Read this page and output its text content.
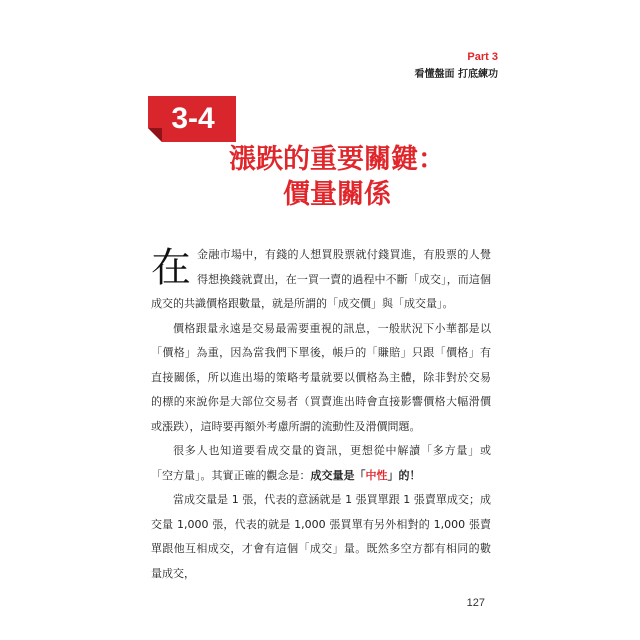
Part 3
看懂盤面 打底練功
3-4
漲跌的重要關鍵：
價量關係

在金融市場中，有錢的人想買股票就付錢買進，有股票的人覺得想換錢就賣出，在一買一賣的過程中不斷「成交」，而這個成交的共識價格跟數量，就是所謂的「成交價」與「成交量」。

價格跟量永遠是交易最需要重視的訊息，一般狀況下小華都是以「價格」為重，因為當我們下單後，帳戶的「賺賠」只跟「價格」有直接關係，所以進出場的策略考量就要以價格為主體，除非對於交易的標的來說你是大部位交易者（買賣進出時會直接影響價格大幅滑價或漲跌），這時要再額外考慮所謂的流動性及滑價問題。

很多人也知道要看成交量的資訊，更想從中解讀「多方量」或「空方量」。其實正確的觀念是：成交量是「中性」的！

當成交量是 1 張，代表的意涵就是 1 張買單跟 1 張賣單成交；成交量 1,000 張，代表的就是 1,000 張買單有另外相對的 1,000 張賣單跟他互相成交，才會有這個「成交」量。既然多空方都有相同的數量成交，

127
